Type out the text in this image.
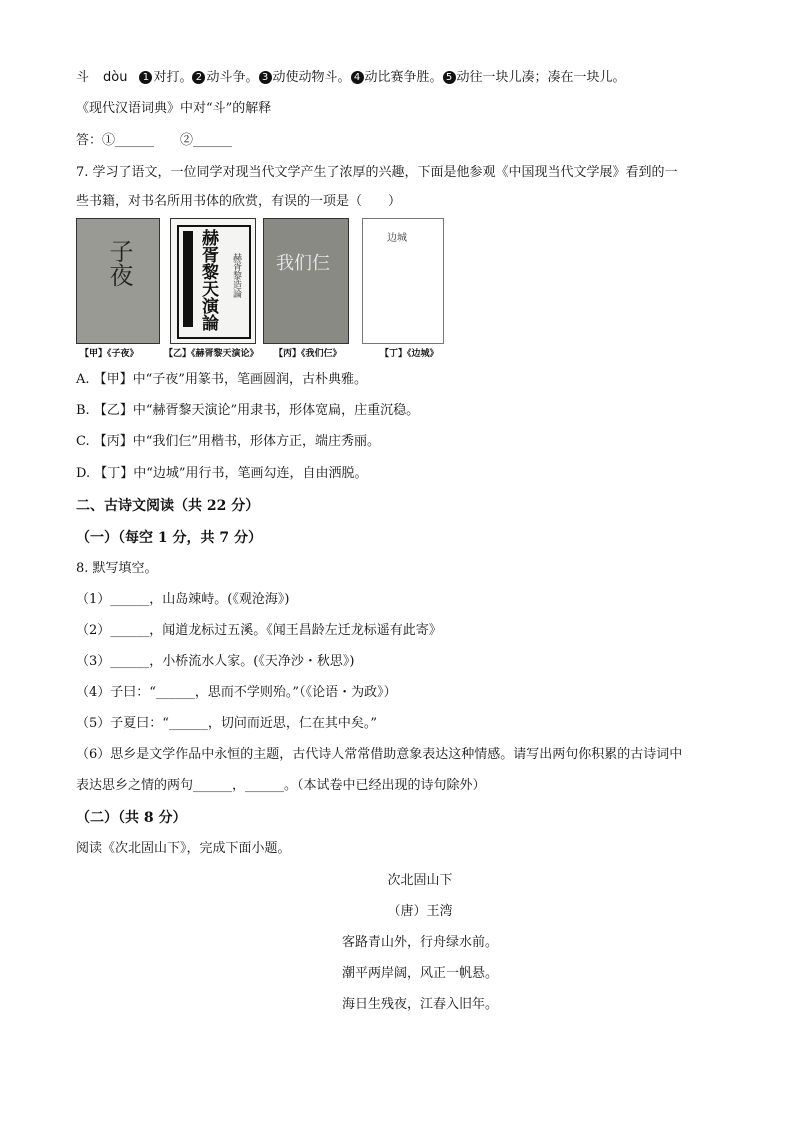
斗 dòu 1 对打。 2 动斗争。 3 动使动物斗。 4 动比赛争胜。 5 动往一块儿凑；凑在一块儿。
《现代汉语词典》中对“斗”的解释
答：①______　　②______
7. 学习了语文，一位同学对现当代文学产生了浓厚的兴趣，下面是他参观《中国现当代文学展》看到的一
些书籍，对书名所用书体的欣赏，有误的一项是（　　）
子夜	赫胥黎天演論 赫胥黎造論 我们仨
边城
【甲】《子夜》	【乙】《赫胥黎天演论》 【丙】《我们仨》	【丁】《边城》
A. 【甲】中“子夜”用篆书，笔画圆润，古朴典雅。
B. 【乙】中“赫胥黎天演论”用隶书，形体宽扁，庄重沉稳。
C. 【丙】中“我们仨”用楷书，形体方正，端庄秀丽。
D. 【丁】中“边城”用行书，笔画勾连，自由洒脱。
二、古诗文阅读（共 22 分）
（一）（每空 1 分，共 7 分）
8. 默写填空。
（1）______，山岛竦峙。(《观沧海》)
（2）______，闻道龙标过五溪。《闻王昌龄左迁龙标遥有此寄》
（3）______，小桥流水人家。(《天净沙・秋思》)
（4）子曰：“______，思而不学则殆。”（《论语・为政》）
（5）子夏曰：“______，切问而近思，仁在其中矣。”
（6）思乡是文学作品中永恒的主题，古代诗人常常借助意象表达这种情感。请写出两句你积累的古诗词中
表达思乡之情的两句______，______。（本试卷中已经出现的诗句除外）
（二）（共 8 分）
阅读《次北固山下》，完成下面小题。
次北固山下
（唐）王湾
客路青山外，行舟绿水前。
潮平两岸阔，风正一帆悬。
海日生残夜，江春入旧年。
